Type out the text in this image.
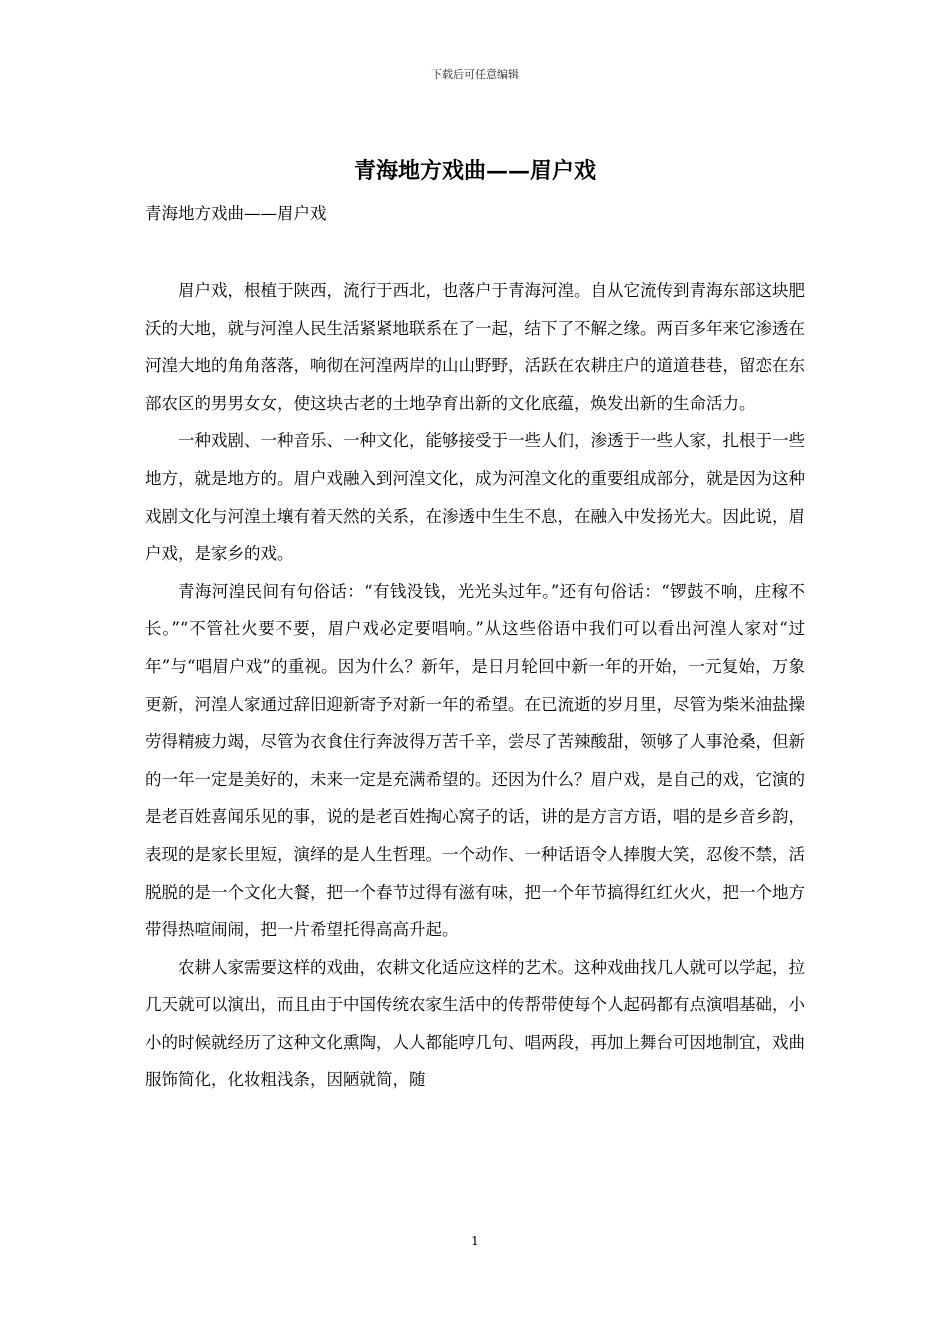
下载后可任意编辑
青海地方戏曲——眉户戏
青海地方戏曲——眉户戏

眉户戏，根植于陕西，流行于西北，也落户于青海河湟。自从它流传到青海东部这块肥沃的大地，就与河湟人民生活紧紧地联系在了一起，结下了不解之缘。两百多年来它渗透在河湟大地的角角落落，响彻在河湟两岸的山山野野，活跃在农耕庄户的道道巷巷，留恋在东部农区的男男女女，使这块古老的土地孕育出新的文化底蕴，焕发出新的生命活力。

一种戏剧、一种音乐、一种文化，能够接受于一些人们，渗透于一些人家，扎根于一些地方，就是地方的。眉户戏融入到河湟文化，成为河湟文化的重要组成部分，就是因为这种戏剧文化与河湟土壤有着天然的关系，在渗透中生生不息，在融入中发扬光大。因此说，眉户戏，是家乡的戏。

青海河湟民间有句俗话：“有钱没钱，光光头过年。”还有句俗话：“锣鼓不响，庄稼不长。”“不管社火要不要，眉户戏必定要唱响。”从这些俗语中我们可以看出河湟人家对“过年”与“唱眉户戏”的重视。因为什么？新年，是日月轮回中新一年的开始，一元复始，万象更新，河湟人家通过辞旧迎新寄予对新一年的希望。在已流逝的岁月里，尽管为柴米油盐操劳得精疲力竭，尽管为衣食住行奔波得万苦千辛，尝尽了苦辣酸甜，领够了人事沧桑，但新的一年一定是美好的，未来一定是充满希望的。还因为什么？眉户戏，是自己的戏，它演的是老百姓喜闻乐见的事，说的是老百姓掏心窝子的话，讲的是方言方语，唱的是乡音乡韵，表现的是家长里短，演绎的是人生哲理。一个动作、一种话语令人捧腹大笑，忍俊不禁，活脱脱的是一个文化大餐，把一个春节过得有滋有味，把一个年节搞得红红火火，把一个地方带得热喧闹闹，把一片希望托得高高升起。

农耕人家需要这样的戏曲，农耕文化适应这样的艺术。这种戏曲找几人就可以学起，拉几天就可以演出，而且由于中国传统农家生活中的传帮带使每个人起码都有点演唱基础，小小的时候就经历了这种文化熏陶，人人都能哼几句、唱两段，再加上舞台可因地制宜，戏曲服饰简化，化妆粗浅条，因陋就简，随

1
